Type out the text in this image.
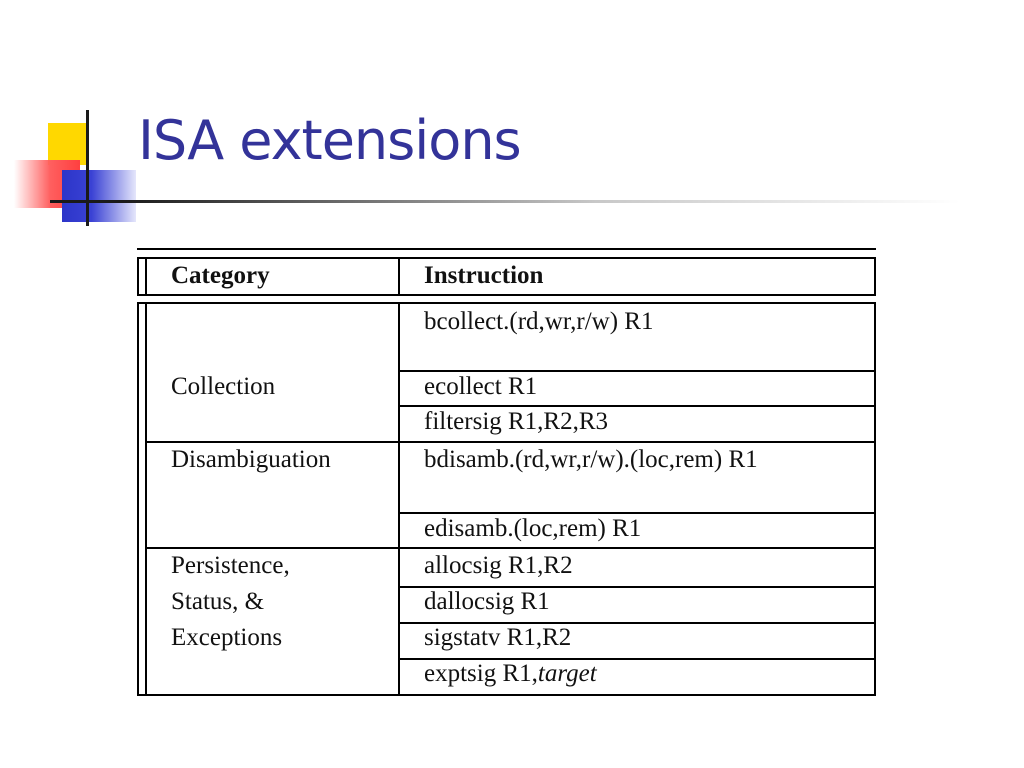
ISA extensions
Category	Instruction
Collection
bcollect.(rd,wr,r/w) R1
ecollect R1
filtersig R1,R2,R3
Disambiguation	bdisamb.(rd,wr,r/w).(loc,rem) R1
edisamb.(loc,rem) R1
Persistence,
Status, &
Exceptions
allocsig R1,R2
dallocsig R1
sigstatv R1,R2
exptsig R1,target
